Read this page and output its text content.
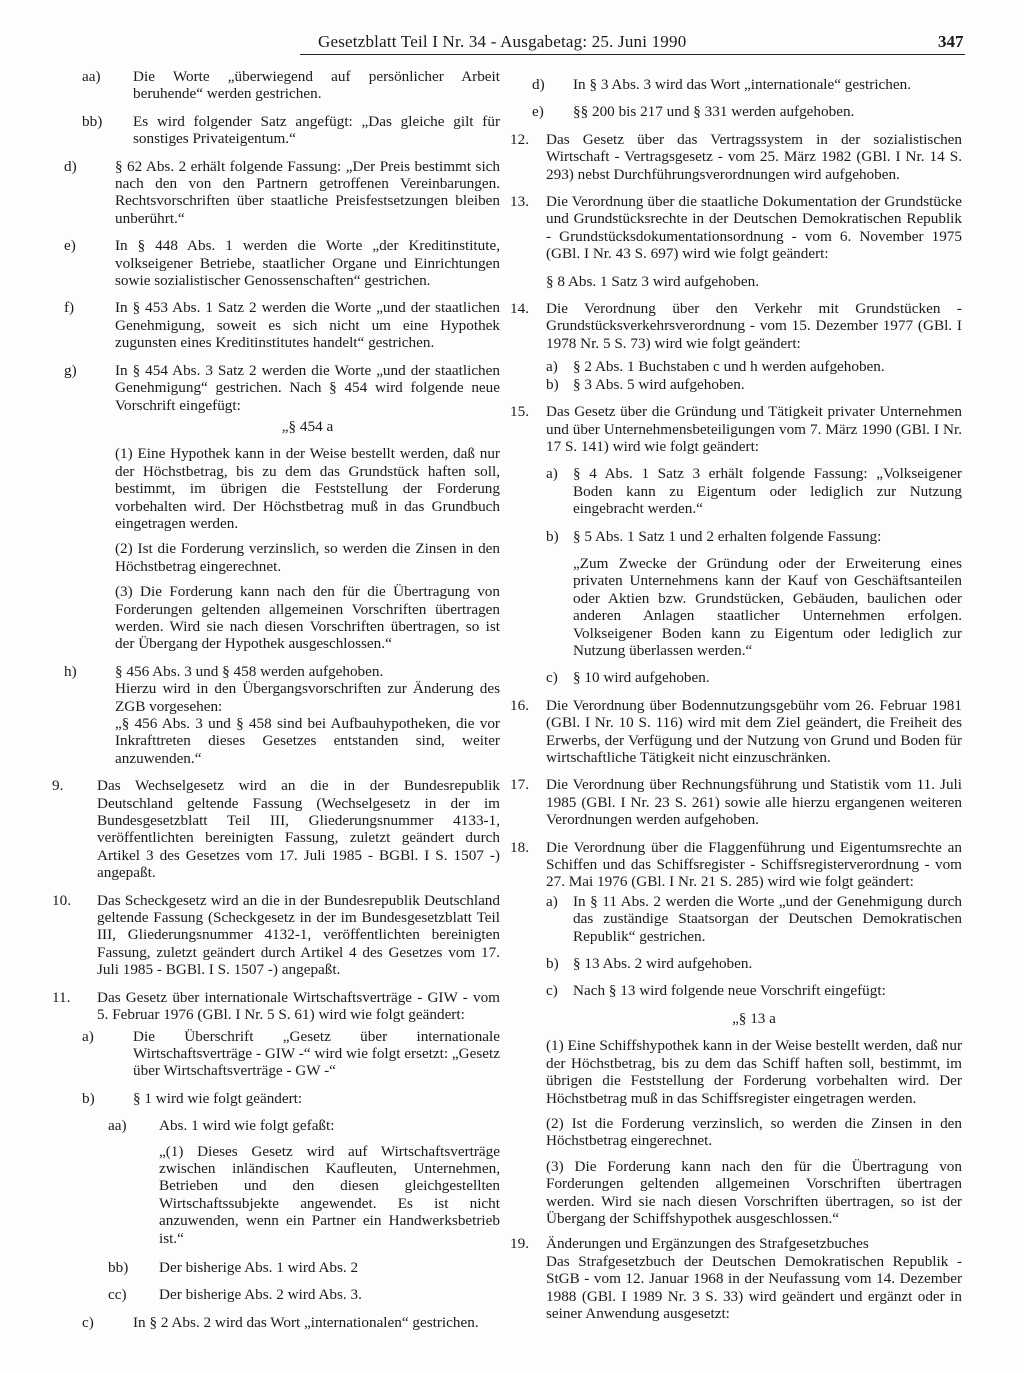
Gesetzblatt Teil I Nr. 34 - Ausgabetag: 25. Juni 1990	347
aa)	Die Worte „überwiegend auf persönlicher Arbeit beruhende“ werden gestrichen.
bb)	Es wird folgender Satz angefügt: „Das gleiche gilt für sonstiges Privateigentum.“
d)	§ 62 Abs. 2 erhält folgende Fassung: „Der Preis bestimmt sich nach den von den Partnern getroffenen Vereinbarungen. Rechtsvorschriften über staatliche Preisfestsetzungen bleiben unberührt.“
e)	In § 448 Abs. 1 werden die Worte „der Kreditinstitute, volkseigener Betriebe, staatlicher Organe und Einrichtungen sowie sozialistischer Genossenschaften“ gestrichen.
f)	In § 453 Abs. 1 Satz 2 werden die Worte „und der staatlichen Genehmigung, soweit es sich nicht um eine Hypothek zugunsten eines Kreditinstitutes handelt“ gestrichen.
g)	In § 454 Abs. 3 Satz 2 werden die Worte „und der staatlichen Genehmigung“ gestrichen. Nach § 454 wird folgende neue Vorschrift eingefügt:
„§ 454 a
(1) Eine Hypothek kann in der Weise bestellt werden, daß nur der Höchstbetrag, bis zu dem das Grundstück haften soll, bestimmt, im übrigen die Feststellung der Forderung vorbehalten wird. Der Höchstbetrag muß in das Grundbuch eingetragen werden.
(2) Ist die Forderung verzinslich, so werden die Zinsen in den Höchstbetrag eingerechnet.
(3) Die Forderung kann nach den für die Übertragung von Forderungen geltenden allgemeinen Vorschriften übertragen werden. Wird sie nach diesen Vorschriften übertragen, so ist der Übergang der Hypothek ausgeschlossen.“
h)	§ 456 Abs. 3 und § 458 werden aufgehoben.
Hierzu wird in den Übergangsvorschriften zur Änderung des ZGB vorgesehen:
„§ 456 Abs. 3 und § 458 sind bei Aufbauhypotheken, die vor Inkrafttreten dieses Gesetzes entstanden sind, weiter anzuwenden.“
9.	Das Wechselgesetz wird an die in der Bundesrepublik Deutschland geltende Fassung (Wechselgesetz in der im Bundesgesetzblatt Teil III, Gliederungsnummer 4133-1, veröffentlichten bereinigten Fassung, zuletzt geändert durch Artikel 3 des Gesetzes vom 17. Juli 1985 - BGBl. I S. 1507 -) angepaßt.
10.	Das Scheckgesetz wird an die in der Bundesrepublik Deutschland geltende Fassung (Scheckgesetz in der im Bundesgesetzblatt Teil III, Gliederungsnummer 4132-1, veröffentlichten bereinigten Fassung, zuletzt geändert durch Artikel 4 des Gesetzes vom 17. Juli 1985 - BGBl. I S. 1507 -) angepaßt.
11.	Das Gesetz über internationale Wirtschaftsverträge - GIW - vom 5. Februar 1976 (GBl. I Nr. 5 S. 61) wird wie folgt geändert:
a)	Die Überschrift „Gesetz über internationale Wirtschaftsverträge - GIW -“ wird wie folgt ersetzt: „Gesetz über Wirtschaftsverträge - GW -“
b)	§ 1 wird wie folgt geändert:
aa)	Abs. 1 wird wie folgt gefaßt:
„(1) Dieses Gesetz wird auf Wirtschaftsverträge zwischen inländischen Kaufleuten, Unternehmen, Betrieben und den diesen gleichgestellten Wirtschaftssubjekte angewendet. Es ist nicht anzuwenden, wenn ein Partner ein Handwerksbetrieb ist.“
bb)	Der bisherige Abs. 1 wird Abs. 2
cc)	Der bisherige Abs. 2 wird Abs. 3.
c)	In § 2 Abs. 2 wird das Wort „internationalen“ gestrichen.
d)	In § 3 Abs. 3 wird das Wort „internationale“ gestrichen.
e)	§§ 200 bis 217 und § 331 werden aufgehoben.
12.	Das Gesetz über das Vertragssystem in der sozialistischen Wirtschaft - Vertragsgesetz - vom 25. März 1982 (GBl. I Nr. 14 S. 293) nebst Durchführungsverordnungen wird aufgehoben.
13.	Die Verordnung über die staatliche Dokumentation der Grundstücke und Grundstücksrechte in der Deutschen Demokratischen Republik - Grundstücksdokumentationsordnung - vom 6. November 1975 (GBl. I Nr. 43 S. 697) wird wie folgt geändert:
§ 8 Abs. 1 Satz 3 wird aufgehoben.
14.	Die Verordnung über den Verkehr mit Grundstücken - Grundstücksverkehrsverordnung - vom 15. Dezember 1977 (GBl. I 1978 Nr. 5 S. 73) wird wie folgt geändert:
a) § 2 Abs. 1 Buchstaben c und h werden aufgehoben.
b) § 3 Abs. 5 wird aufgehoben.
15.	Das Gesetz über die Gründung und Tätigkeit privater Unternehmen und über Unternehmensbeteiligungen vom 7. März 1990 (GBl. I Nr. 17 S. 141) wird wie folgt geändert:
a) § 4 Abs. 1 Satz 3 erhält folgende Fassung: „Volkseigener Boden kann zu Eigentum oder lediglich zur Nutzung eingebracht werden.“
b) § 5 Abs. 1 Satz 1 und 2 erhalten folgende Fassung:
„Zum Zwecke der Gründung oder der Erweiterung eines privaten Unternehmens kann der Kauf von Geschäftsanteilen oder Aktien bzw. Grundstücken, Gebäuden, baulichen oder anderen Anlagen staatlicher Unternehmen erfolgen. Volkseigener Boden kann zu Eigentum oder lediglich zur Nutzung überlassen werden.“
c) § 10 wird aufgehoben.
16.	Die Verordnung über Bodennutzungsgebühr vom 26. Februar 1981 (GBl. I Nr. 10 S. 116) wird mit dem Ziel geändert, die Freiheit des Erwerbs, der Verfügung und der Nutzung von Grund und Boden für wirtschaftliche Tätigkeit nicht einzuschränken.
17.	Die Verordnung über Rechnungsführung und Statistik vom 11. Juli 1985 (GBl. I Nr. 23 S. 261) sowie alle hierzu ergangenen weiteren Verordnungen werden aufgehoben.
18.	Die Verordnung über die Flaggenführung und Eigentumsrechte an Schiffen und das Schiffsregister - Schiffsregisterverordnung - vom 27. Mai 1976 (GBl. I Nr. 21 S. 285) wird wie folgt geändert:
a) In § 11 Abs. 2 werden die Worte „und der Genehmigung durch das zuständige Staatsorgan der Deutschen Demokratischen Republik“ gestrichen.
b) § 13 Abs. 2 wird aufgehoben.
c) Nach § 13 wird folgende neue Vorschrift eingefügt:
„§ 13 a
(1) Eine Schiffshypothek kann in der Weise bestellt werden, daß nur der Höchstbetrag, bis zu dem das Schiff haften soll, bestimmt, im übrigen die Feststellung der Forderung vorbehalten wird. Der Höchstbetrag muß in das Schiffsregister eingetragen werden.
(2) Ist die Forderung verzinslich, so werden die Zinsen in den Höchstbetrag eingerechnet.
(3) Die Forderung kann nach den für die Übertragung von Forderungen geltenden allgemeinen Vorschriften übertragen werden. Wird sie nach diesen Vorschriften übertragen, so ist der Übergang der Schiffshypothek ausgeschlossen.“
19.	Änderungen und Ergänzungen des Strafgesetzbuches
Das Strafgesetzbuch der Deutschen Demokratischen Republik - StGB - vom 12. Januar 1968 in der Neufassung vom 14. Dezember 1988 (GBl. I 1989 Nr. 3 S. 33) wird geändert und ergänzt oder in seiner Anwendung ausgesetzt:
